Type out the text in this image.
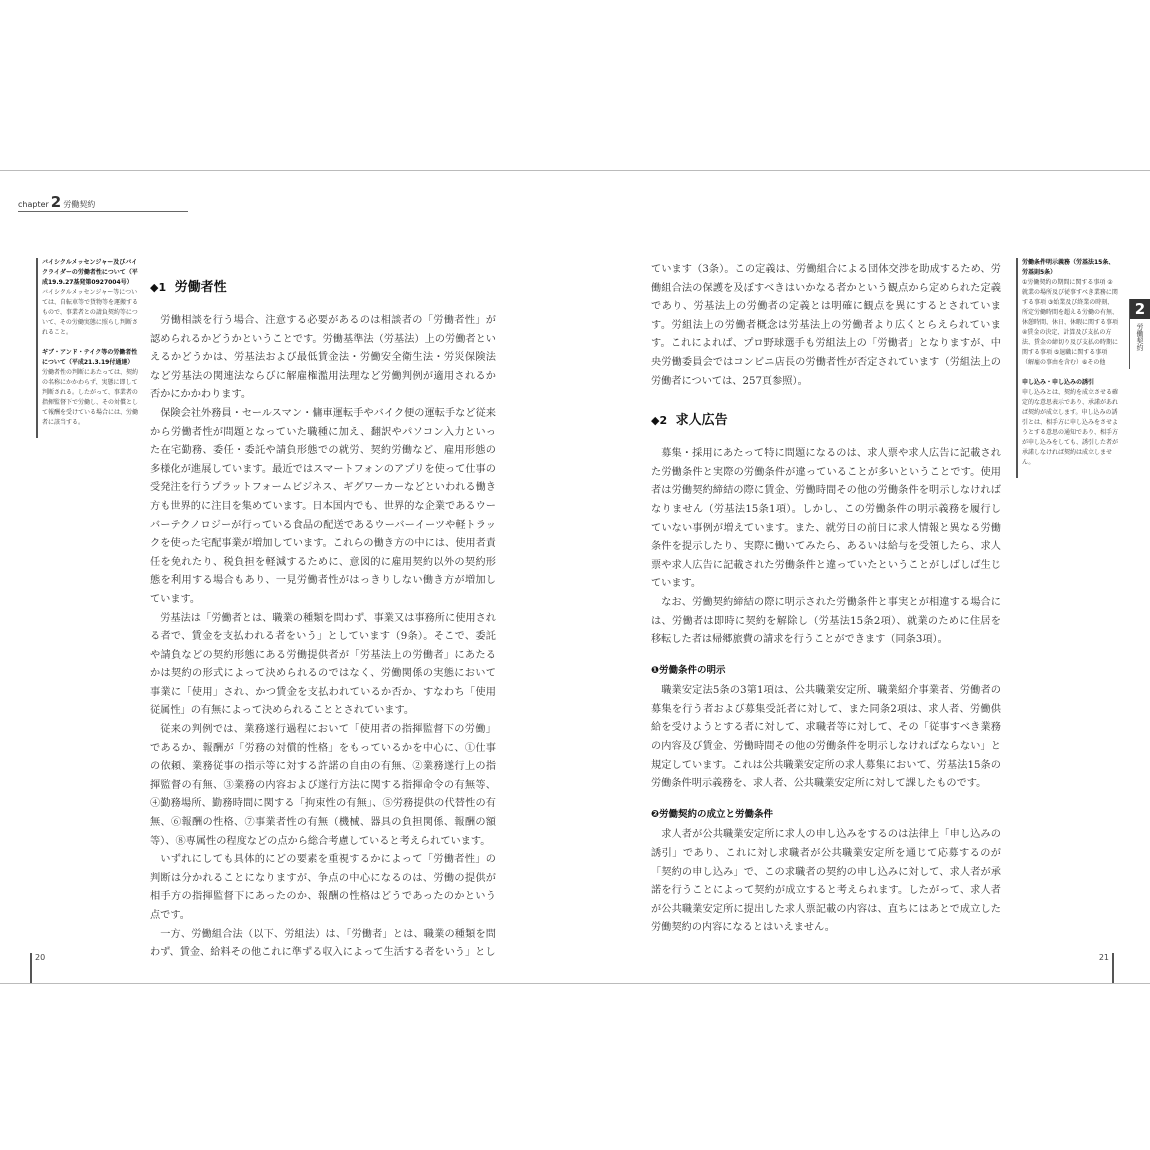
chapter 2 労働契約
バイシクルメッセンジャー及びバイクライダーの労働者性について（平成19.9.27基発第0927004号）
バイシクルメッセンジャー等については、自転車等で貨物等を運搬するもので、事業者との請負契約等について、その労働実態に照らし判断されること。
ギブ・アンド・テイク等の労働者性について（平成21.3.19付通達）
労働者性の判断にあたっては、契約の名称にかかわらず、実態に即して判断される。したがって、事業者の指揮監督下で労働し、その対償として報酬を受けている場合には、労働者に該当する。
◆1 労働者性

労働相談を行う場合、注意する必要があるのは相談者の「労働者性」が認められるかどうかということです。労働基準法（労基法）上の労働者といえるかどうかは、労基法および最低賃金法・労働安全衛生法・労災保険法など労基法の関連法ならびに解雇権濫用法理など労働判例が適用されるか否かにかかわります。

保険会社外務員・セールスマン・傭車運転手やバイク便の運転手など従来から労働者性が問題となっていた職種に加え、翻訳やパソコン入力といった在宅勤務、委任・委託や請負形態での就労、契約労働など、雇用形態の多様化が進展しています。最近ではスマートフォンのアプリを使って仕事の受発注を行うプラットフォームビジネス、ギグワーカーなどといわれる働き方も世界的に注目を集めています。日本国内でも、世界的な企業であるウーバーテクノロジーが行っている食品の配送であるウーバーイーツや軽トラックを使った宅配事業が増加しています。これらの働き方の中には、使用者責任を免れたり、税負担を軽減するために、意図的に雇用契約以外の契約形態を利用する場合もあり、一見労働者性がはっきりしない働き方が増加しています。

労基法は「労働者とは、職業の種類を問わず、事業又は事務所に使用される者で、賃金を支払われる者をいう」としています（9条）。そこで、委託や請負などの契約形態にある労働提供者が「労基法上の労働者」にあたるかは契約の形式によって決められるのではなく、労働関係の実態において事業に「使用」され、かつ賃金を支払われているか否か、すなわち「使用従属性」の有無によって決められることとされています。

従来の判例では、業務遂行過程において「使用者の指揮監督下の労働」であるか、報酬が「労務の対償的性格」をもっているかを中心に、①仕事の依頼、業務従事の指示等に対する許諾の自由の有無、②業務遂行上の指揮監督の有無、③業務の内容および遂行方法に関する指揮命令の有無等、④勤務場所、勤務時間に関する「拘束性の有無」、⑤労務提供の代替性の有無、⑥報酬の性格、⑦事業者性の有無（機械、器具の負担関係、報酬の額等）、⑧専属性の程度などの点から総合考慮していると考えられています。

いずれにしても具体的にどの要素を重視するかによって「労働者性」の判断は分かれることになりますが、争点の中心になるのは、労働の提供が相手方の指揮監督下にあったのか、報酬の性格はどうであったのかという点です。

一方、労働組合法（以下、労組法）は、「労働者」とは、職業の種類を問わず、賃金、給料その他これに準ずる収入によって生活する者をいう」とし

20

ています（3条）。この定義は、労働組合による団体交渉を助成するため、労働組合法の保護を及ぼすべきはいかなる者かという観点から定められた定義であり、労基法上の労働者の定義とは明確に観点を異にするとされています。労組法上の労働者概念は労基法上の労働者より広くとらえられています。これによれば、プロ野球選手も労組法上の「労働者」となりますが、中央労働委員会ではコンビニ店長の労働者性が否定されています（労組法上の労働者については、257頁参照）。

◆2 求人広告

募集・採用にあたって特に問題になるのは、求人票や求人広告に記載された労働条件と実際の労働条件が違っていることが多いということです。使用者は労働契約締結の際に賃金、労働時間その他の労働条件を明示しなければなりません（労基法15条1項）。しかし、この労働条件の明示義務を履行していない事例が増えています。また、就労日の前日に求人情報と異なる労働条件を提示したり、実際に働いてみたら、あるいは給与を受領したら、求人票や求人広告に記載された労働条件と違っていたということがしばしば生じています。

なお、労働契約締結の際に明示された労働条件と事実とが相違する場合には、労働者は即時に契約を解除し（労基法15条2項）、就業のために住居を移転した者は帰郷旅費の請求を行うことができます（同条3項）。

❶労働条件の明示

職業安定法5条の3第1項は、公共職業安定所、職業紹介事業者、労働者の募集を行う者および募集受託者に対して、また同条2項は、求人者、労働供給を受けようとする者に対して、求職者等に対して、その「従事すべき業務の内容及び賃金、労働時間その他の労働条件を明示しなければならない」と規定しています。これは公共職業安定所の求人募集において、労基法15条の労働条件明示義務を、求人者、公共職業安定所に対して課したものです。

❷労働契約の成立と労働条件

求人者が公共職業安定所に求人の申し込みをするのは法律上「申し込みの誘引」であり、これに対し求職者が公共職業安定所を通じて応募するのが「契約の申し込み」で、この求職者の契約の申し込みに対して、求人者が承諾を行うことによって契約が成立すると考えられます。したがって、求人者が公共職業安定所に提出した求人票記載の内容は、直ちにはあとで成立した労働契約の内容になるとはいえません。

労働条件明示義務（労基法15条、労基則5条）
①労働契約の期間に関する事項 ②就業の場所及び従事すべき業務に関する事項 ③始業及び終業の時刻、所定労働時間を超える労働の有無、休憩時間、休日、休暇に関する事項 ④賃金の決定、計算及び支払の方法、賃金の締切り及び支払の時期に関する事項 ⑤退職に関する事項（解雇の事由を含む）⑥その他
申し込み・申し込みの誘引
申し込みとは、契約を成立させる確定的な意思表示であり、承諾があれば契約が成立します。申し込みの誘引とは、相手方に申し込みをさせようとする意思の通知であり、相手方が申し込みをしても、誘引した者が承諾しなければ契約は成立しません。
2
労働契約
21
